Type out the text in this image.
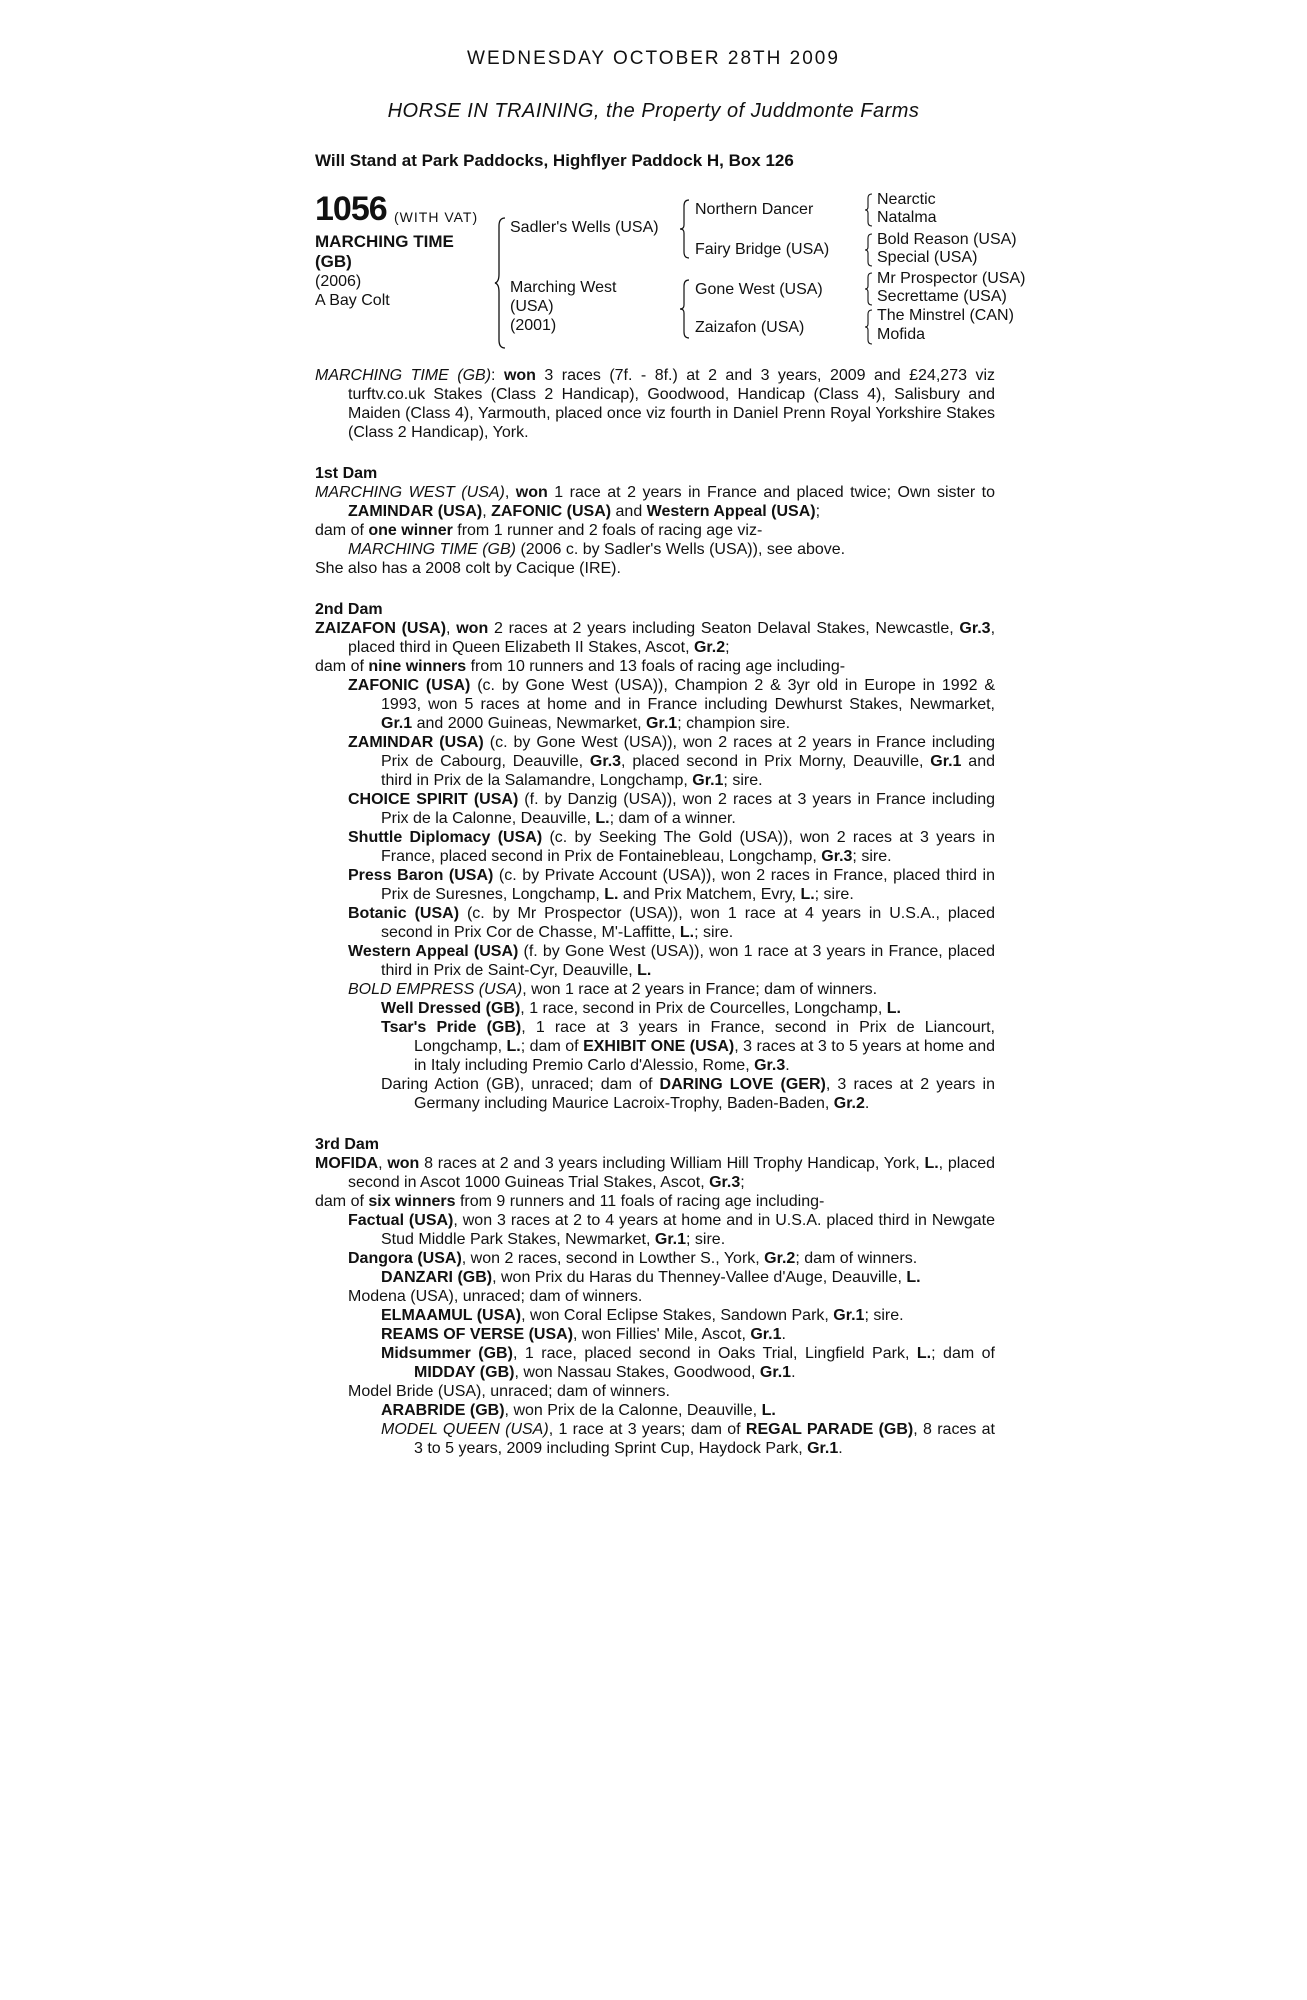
WEDNESDAY OCTOBER 28TH 2009
HORSE IN TRAINING, the Property of Juddmonte Farms
Will Stand at Park Paddocks, Highflyer Paddock H, Box 126
1056 (WITH VAT)
MARCHING TIME
(GB)
(2006)
A Bay Colt
Sadler's Wells (USA)
Marching West
(USA)
(2001)
Northern Dancer
Fairy Bridge (USA)
Gone West (USA)
Zaizafon (USA)
Nearctic
Natalma
Bold Reason (USA)
Special (USA)
Mr Prospector (USA)
Secrettame (USA)
The Minstrel (CAN)
Mofida
MARCHING TIME (GB): won 3 races (7f. - 8f.) at 2 and 3 years, 2009 and £24,273 viz turftv.co.uk Stakes (Class 2 Handicap), Goodwood, Handicap (Class 4), Salisbury and Maiden (Class 4), Yarmouth, placed once viz fourth in Daniel Prenn Royal Yorkshire Stakes (Class 2 Handicap), York.
1st Dam
MARCHING WEST (USA), won 1 race at 2 years in France and placed twice; Own sister to ZAMINDAR (USA), ZAFONIC (USA) and Western Appeal (USA);
dam of one winner from 1 runner and 2 foals of racing age viz-
MARCHING TIME (GB) (2006 c. by Sadler's Wells (USA)), see above.
She also has a 2008 colt by Cacique (IRE).
2nd Dam
ZAIZAFON (USA), won 2 races at 2 years including Seaton Delaval Stakes, Newcastle, Gr.3, placed third in Queen Elizabeth II Stakes, Ascot, Gr.2;
dam of nine winners from 10 runners and 13 foals of racing age including-
ZAFONIC (USA) (c. by Gone West (USA)), Champion 2 & 3yr old in Europe in 1992 & 1993, won 5 races at home and in France including Dewhurst Stakes, Newmarket, Gr.1 and 2000 Guineas, Newmarket, Gr.1; champion sire.
ZAMINDAR (USA) (c. by Gone West (USA)), won 2 races at 2 years in France including Prix de Cabourg, Deauville, Gr.3, placed second in Prix Morny, Deauville, Gr.1 and third in Prix de la Salamandre, Longchamp, Gr.1; sire.
CHOICE SPIRIT (USA) (f. by Danzig (USA)), won 2 races at 3 years in France including Prix de la Calonne, Deauville, L.; dam of a winner.
Shuttle Diplomacy (USA) (c. by Seeking The Gold (USA)), won 2 races at 3 years in France, placed second in Prix de Fontainebleau, Longchamp, Gr.3; sire.
Press Baron (USA) (c. by Private Account (USA)), won 2 races in France, placed third in Prix de Suresnes, Longchamp, L. and Prix Matchem, Evry, L.; sire.
Botanic (USA) (c. by Mr Prospector (USA)), won 1 race at 4 years in U.S.A., placed second in Prix Cor de Chasse, M'-Laffitte, L.; sire.
Western Appeal (USA) (f. by Gone West (USA)), won 1 race at 3 years in France, placed third in Prix de Saint-Cyr, Deauville, L.
BOLD EMPRESS (USA), won 1 race at 2 years in France; dam of winners.
Well Dressed (GB), 1 race, second in Prix de Courcelles, Longchamp, L.
Tsar's Pride (GB), 1 race at 3 years in France, second in Prix de Liancourt, Longchamp, L.; dam of EXHIBIT ONE (USA), 3 races at 3 to 5 years at home and in Italy including Premio Carlo d'Alessio, Rome, Gr.3.
Daring Action (GB), unraced; dam of DARING LOVE (GER), 3 races at 2 years in Germany including Maurice Lacroix-Trophy, Baden-Baden, Gr.2.
3rd Dam
MOFIDA, won 8 races at 2 and 3 years including William Hill Trophy Handicap, York, L., placed second in Ascot 1000 Guineas Trial Stakes, Ascot, Gr.3;
dam of six winners from 9 runners and 11 foals of racing age including-
Factual (USA), won 3 races at 2 to 4 years at home and in U.S.A. placed third in Newgate Stud Middle Park Stakes, Newmarket, Gr.1; sire.
Dangora (USA), won 2 races, second in Lowther S., York, Gr.2; dam of winners.
DANZARI (GB), won Prix du Haras du Thenney-Vallee d'Auge, Deauville, L.
Modena (USA), unraced; dam of winners.
ELMAAMUL (USA), won Coral Eclipse Stakes, Sandown Park, Gr.1; sire.
REAMS OF VERSE (USA), won Fillies' Mile, Ascot, Gr.1.
Midsummer (GB), 1 race, placed second in Oaks Trial, Lingfield Park, L.; dam of MIDDAY (GB), won Nassau Stakes, Goodwood, Gr.1.
Model Bride (USA), unraced; dam of winners.
ARABRIDE (GB), won Prix de la Calonne, Deauville, L.
MODEL QUEEN (USA), 1 race at 3 years; dam of REGAL PARADE (GB), 8 races at 3 to 5 years, 2009 including Sprint Cup, Haydock Park, Gr.1.
